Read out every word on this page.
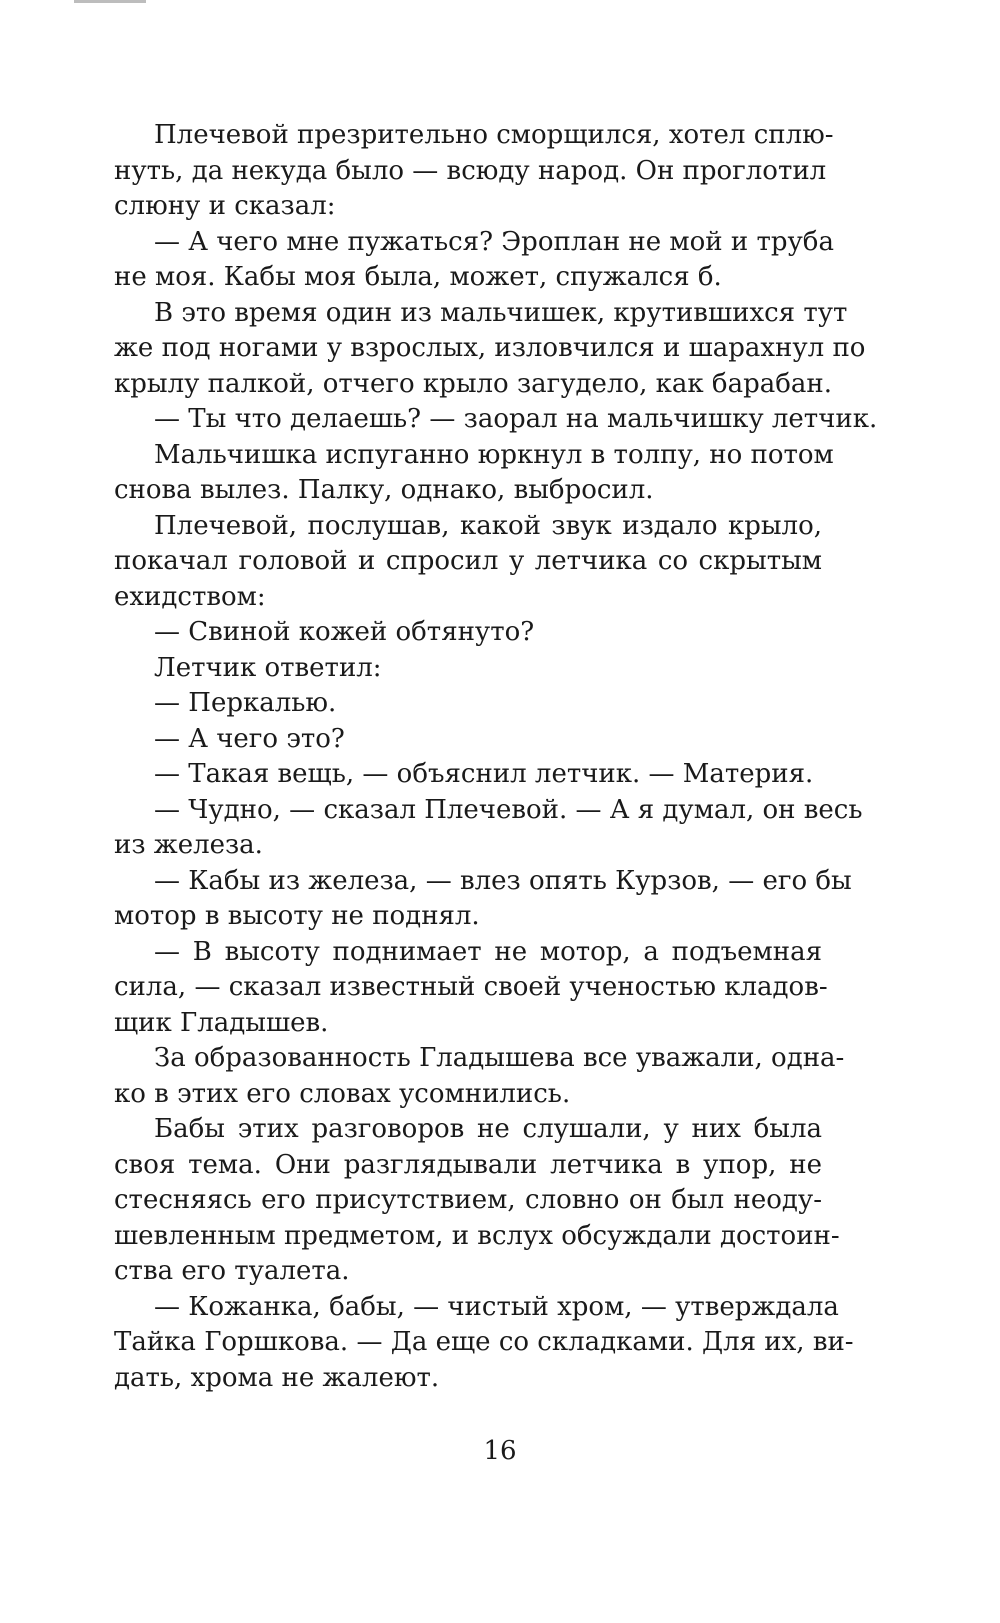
Плечевой презрительно сморщился, хотел сплю-
нуть, да некуда было — всюду народ. Он проглотил
слюну и сказал:
— А чего мне пужаться? Эроплан не мой и труба
не моя. Кабы моя была, может, спужался б.
В это время один из мальчишек, крутившихся тут
же под ногами у взрослых, изловчился и шарахнул по
крылу палкой, отчего крыло загудело, как барабан.
— Ты что делаешь? — заорал на мальчишку летчик.
Мальчишка испуганно юркнул в толпу, но потом
снова вылез. Палку, однако, выбросил.
Плечевой, послушав, какой звук издало крыло,
покачал головой и спросил у летчика со скрытым
ехидством:
— Свиной кожей обтянуто?
Летчик ответил:
— Перкалью.
— А чего это?
— Такая вещь, — объяснил летчик. — Материя.
— Чудно, — сказал Плечевой. — А я думал, он весь
из железа.
— Кабы из железа, — влез опять Курзов, — его бы
мотор в высоту не поднял.
— В высоту поднимает не мотор, а подъемная
сила, — сказал известный своей ученостью кладов-
щик Гладышев.
За образованность Гладышева все уважали, одна-
ко в этих его словах усомнились.
Бабы этих разговоров не слушали, у них была
своя тема. Они разглядывали летчика в упор, не
стесняясь его присутствием, словно он был неоду-
шевленным предметом, и вслух обсуждали достоин-
ства его туалета.
— Кожанка, бабы, — чистый хром, — утверждала
Тайка Горшкова. — Да еще со складками. Для их, ви-
дать, хрома не жалеют.
16
